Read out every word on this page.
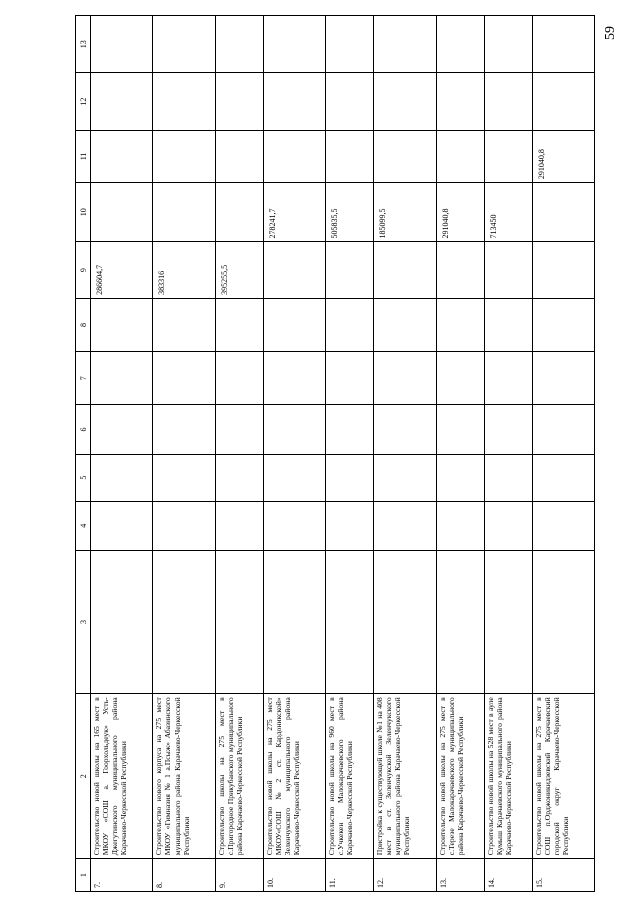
59
1	2	3	4	5	6	7	8	9	10	11	12	13
7.	Строительство новой школы на 165 мест в МКОУ «СОШ а. Гоорхольдеук» Усть-Джегутинского муниципального района Карачаево-Черкесской Республики							286604,7				
8.	Строительство нового корпуса на 275 мест МКОУ «Гимназия № 1 а.Псыж» Абазинского муниципального района Карачаево-Черкесской Республики							383316				
9.	Строительство школы на 275 мест в с.Пригородное Прикубанского муниципального района Карачаево-Черкесской Республики							395255,5				
10.	Строительство новой школы на 275 мест МКОУ«СОШ №2 ст. Кардоникской» Зеленчукского муниципального района Карачаево-Черкесской Республики								278241,7			
11.	Строительство новой школы на 960 мест в с.Учкекен Малокарачаевского района Карачаево-Черкесской Республики								505835,5			
12.	Пристройка к существующей школе №1 на 408 мест в ст. Зеленчукской Зеленчукского муниципального района Карачаево-Черкесской Республики								185099,5			
13.	Строительство новой школы на 275 мест в с.Терезе Малокарачаевского муниципального района Карачаево-Черкесской Республики								291040,8			
14.	Строительство новой школы на 528 мест в ауле Кумыш Карачаевского муниципального района Карачаево-Черкесской Республики								713450			
15.	Строительство новой школы на 275 мест в СОШ п.Орджоникидзевский Карачаевский городской округ Карачаево-Черкесской Республики									291040,8		
